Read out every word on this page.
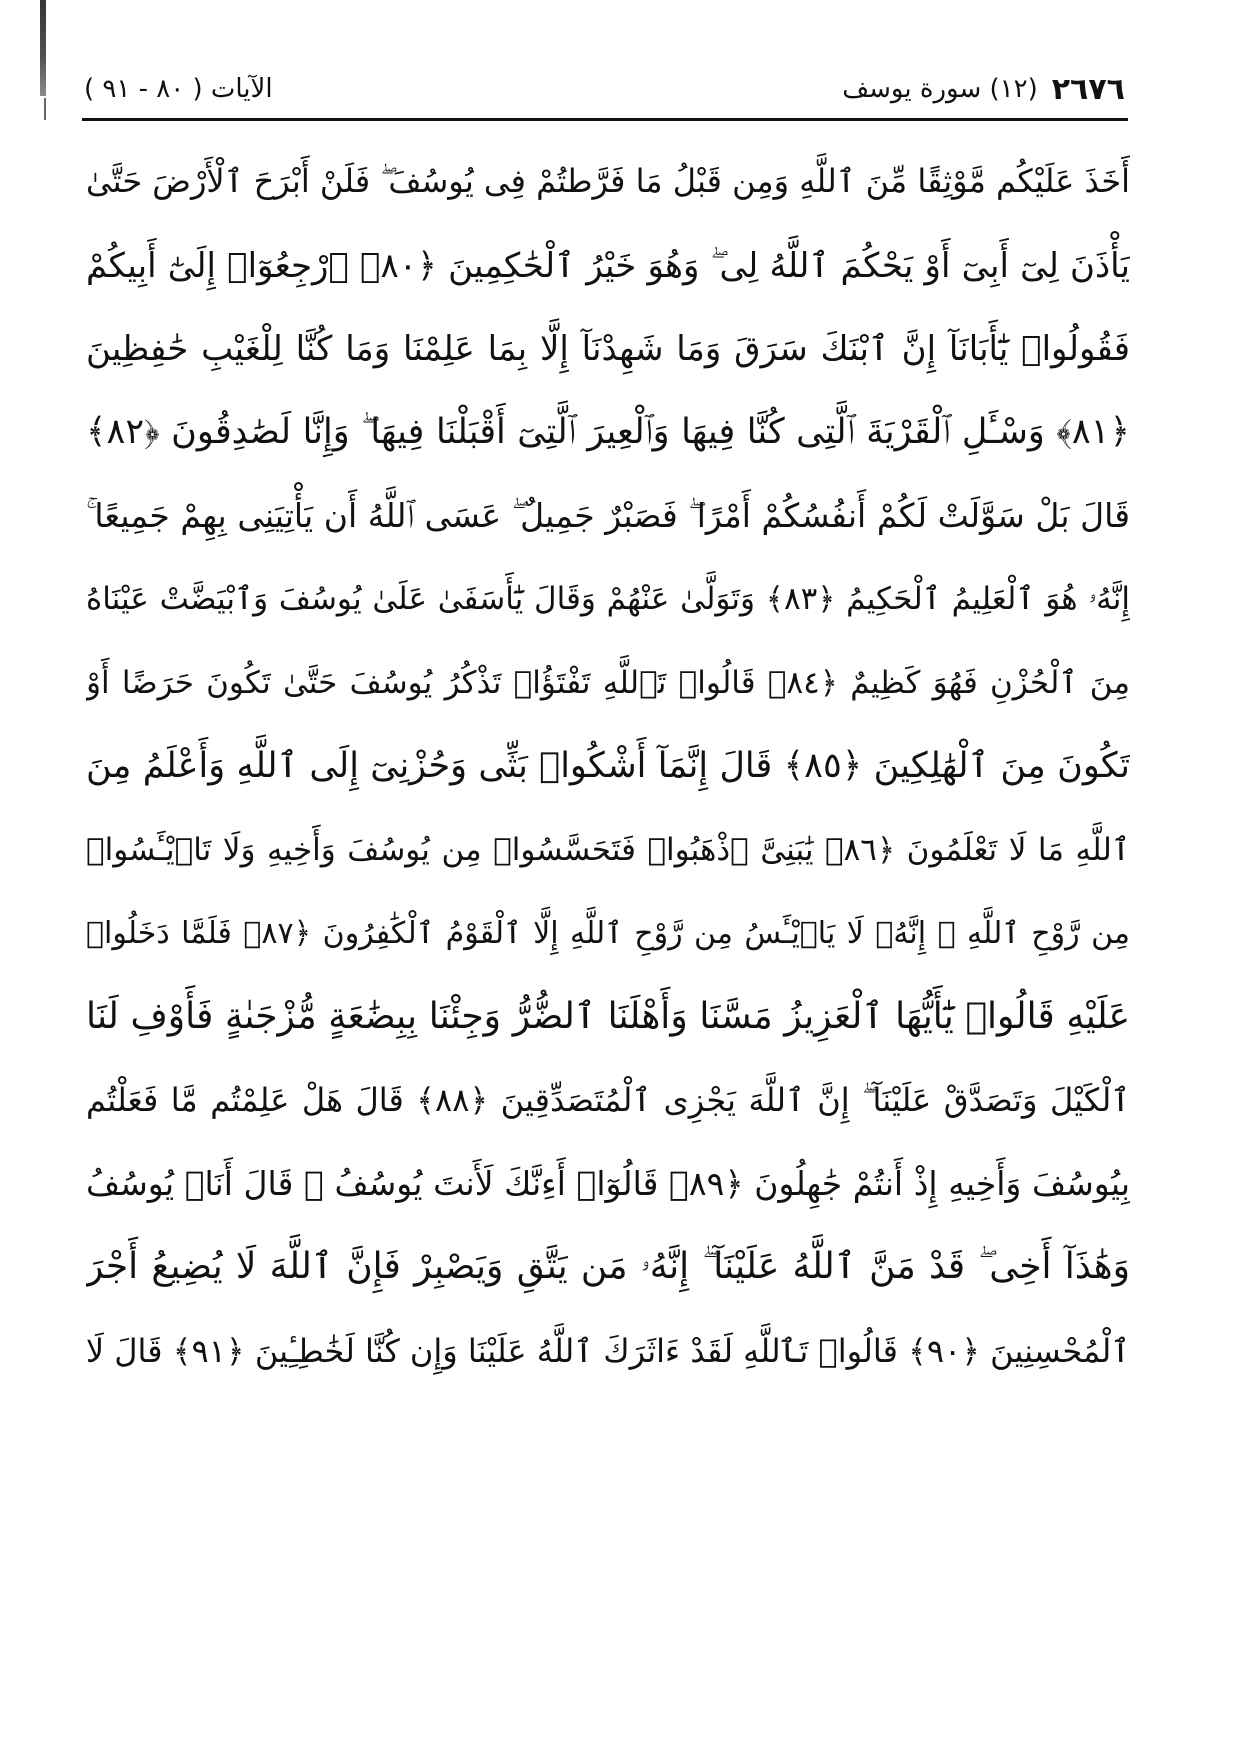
الآيات ( ٨٠ - ٩١ )	٢٦٧٦
(١٢) سورة يوسف
أَخَذَ عَلَيْكُم مَّوْثِقًا مِّنَ ٱللَّهِ وَمِن قَبْلُ مَا فَرَّطتُمْ فِى يُوسُفَ ۖ فَلَنْ أَبْرَحَ ٱلْأَرْضَ حَتَّىٰ
يَأْذَنَ لِىٓ أَبِىٓ أَوْ يَحْكُمَ ٱللَّهُ لِى ۖ وَهُوَ خَيْرُ ٱلْحَٰكِمِينَ ﴿٨٠﴾ ٱرْجِعُوٓا۟ إِلَىٰٓ أَبِيكُمْ
فَقُولُوا۟ يَٰٓأَبَانَآ إِنَّ ٱبْنَكَ سَرَقَ وَمَا شَهِدْنَآ إِلَّا بِمَا عَلِمْنَا وَمَا كُنَّا لِلْغَيْبِ حَٰفِظِينَ
﴿٨١﴾ وَسْـَٔلِ ٱلْقَرْيَةَ ٱلَّتِى كُنَّا فِيهَا وَٱلْعِيرَ ٱلَّتِىٓ أَقْبَلْنَا فِيهَا ۖ وَإِنَّا لَصَٰدِقُونَ ﴿٨٢﴾
قَالَ بَلْ سَوَّلَتْ لَكُمْ أَنفُسُكُمْ أَمْرًا ۖ فَصَبْرٌ جَمِيلٌ ۖ عَسَى ٱللَّهُ أَن يَأْتِيَنِى بِهِمْ جَمِيعًا ۚ
إِنَّهُۥ هُوَ ٱلْعَلِيمُ ٱلْحَكِيمُ ﴿٨٣﴾ وَتَوَلَّىٰ عَنْهُمْ وَقَالَ يَٰٓأَسَفَىٰ عَلَىٰ يُوسُفَ وَٱبْيَضَّتْ عَيْنَاهُ
مِنَ ٱلْحُزْنِ فَهُوَ كَظِيمٌ ﴿٨٤﴾ قَالُوا۟ تَٱللَّهِ تَفْتَؤُا۟ تَذْكُرُ يُوسُفَ حَتَّىٰ تَكُونَ حَرَضًا أَوْ
تَكُونَ مِنَ ٱلْهَٰلِكِينَ ﴿٨٥﴾ قَالَ إِنَّمَآ أَشْكُوا۟ بَثِّى وَحُزْنِىٓ إِلَى ٱللَّهِ وَأَعْلَمُ مِنَ
ٱللَّهِ مَا لَا تَعْلَمُونَ ﴿٨٦﴾ يَٰبَنِىَّ ٱذْهَبُوا۟ فَتَحَسَّسُوا۟ مِن يُوسُفَ وَأَخِيهِ وَلَا تَا۟يْـَٔسُوا۟
مِن رَّوْحِ ٱللَّهِ ۖ إِنَّهُۥ لَا يَا۟يْـَٔسُ مِن رَّوْحِ ٱللَّهِ إِلَّا ٱلْقَوْمُ ٱلْكَٰفِرُونَ ﴿٨٧﴾ فَلَمَّا دَخَلُوا۟
عَلَيْهِ قَالُوا۟ يَٰٓأَيُّهَا ٱلْعَزِيزُ مَسَّنَا وَأَهْلَنَا ٱلضُّرُّ وَجِئْنَا بِبِضَٰعَةٍ مُّزْجَىٰةٍ فَأَوْفِ لَنَا
ٱلْكَيْلَ وَتَصَدَّقْ عَلَيْنَآ ۖ إِنَّ ٱللَّهَ يَجْزِى ٱلْمُتَصَدِّقِينَ ﴿٨٨﴾ قَالَ هَلْ عَلِمْتُم مَّا فَعَلْتُم
بِيُوسُفَ وَأَخِيهِ إِذْ أَنتُمْ جَٰهِلُونَ ﴿٨٩﴾ قَالُوٓا۟ أَءِنَّكَ لَأَنتَ يُوسُفُ ۖ قَالَ أَنَا۠ يُوسُفُ
وَهَٰذَآ أَخِى ۖ قَدْ مَنَّ ٱللَّهُ عَلَيْنَآ ۖ إِنَّهُۥ مَن يَتَّقِ وَيَصْبِرْ فَإِنَّ ٱللَّهَ لَا يُضِيعُ أَجْرَ
ٱلْمُحْسِنِينَ ﴿٩٠﴾ قَالُوا۟ تَٱللَّهِ لَقَدْ ءَاثَرَكَ ٱللَّهُ عَلَيْنَا وَإِن كُنَّا لَخَٰطِـِٔينَ ﴿٩١﴾ قَالَ لَا
